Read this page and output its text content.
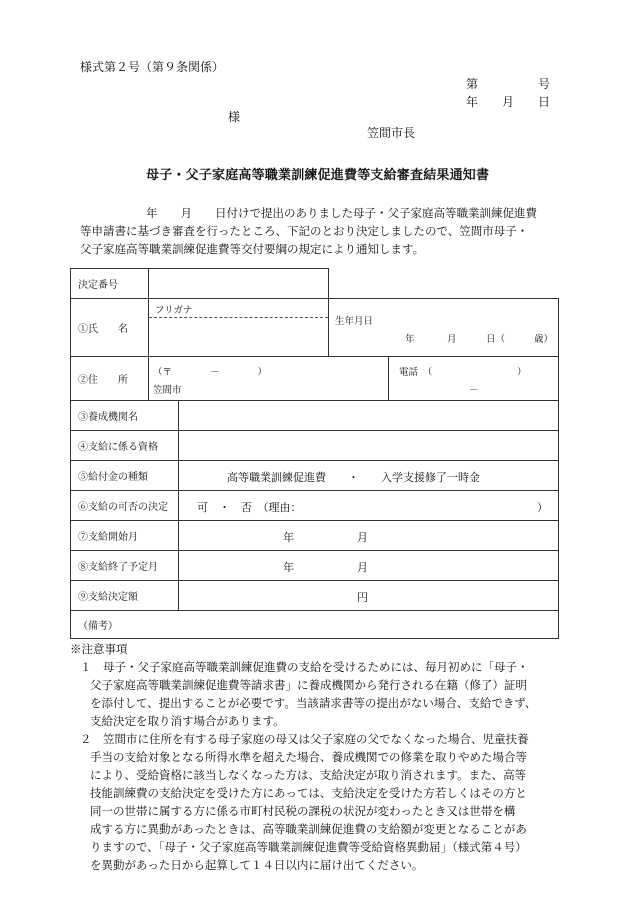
様式第２号（第９条関係）
第	号
年 月 日
様
笠間市長
母子・父子家庭高等職業訓練促進費等支給審査結果通知書
年　　月　　日付けで提出のありました母子・父子家庭高等職業訓練促進費
等申請書に基づき審査を行ったところ、下記のとおり決定しましたので、笠間市母子・
父子家庭高等職業訓練促進費等交付要綱の規定により通知します。
決定番号				
①氏　　名	フリガナ		生年月日
年 月 日（ 歳）	

②住　　所	（〒　　　　－　　　　）
笠間市			電話　（ ）
－

③養成機関名				
④支給に係る資格				
⑤給付金の種類		高等職業訓練促進費　　・　　入学支援修了一時金		

⑥支給の可否の決定		可　・　否　（理由： ）		

⑦支給開始月		年 月		

⑧支給終了予定月		年 月		

⑨支給決定額		円		

（備考）				
※注意事項
１　母子・父子家庭高等職業訓練促進費の支給を受けるためには、毎月初めに「母子・
父子家庭高等職業訓練促進費等請求書」に養成機関から発行される在籍（修了）証明
を添付して、提出することが必要です。当該請求書等の提出がない場合、支給できず、
支給決定を取り消す場合があります。
２　笠間市に住所を有する母子家庭の母又は父子家庭の父でなくなった場合、児童扶養
手当の支給対象となる所得水準を超えた場合、養成機関での修業を取りやめた場合等
により、受給資格に該当しなくなった方は、支給決定が取り消されます。また、高等
技能訓練費の支給決定を受けた方にあっては、支給決定を受けた方若しくはその方と
同一の世帯に属する方に係る市町村民税の課税の状況が変わったとき又は世帯を構
成する方に異動があったときは、高等職業訓練促進費の支給額が変更となることがあ
りますので、「母子・父子家庭高等職業訓練促進費等受給資格異動届」（様式第４号）
を異動があった日から起算して１４日以内に届け出てください。
